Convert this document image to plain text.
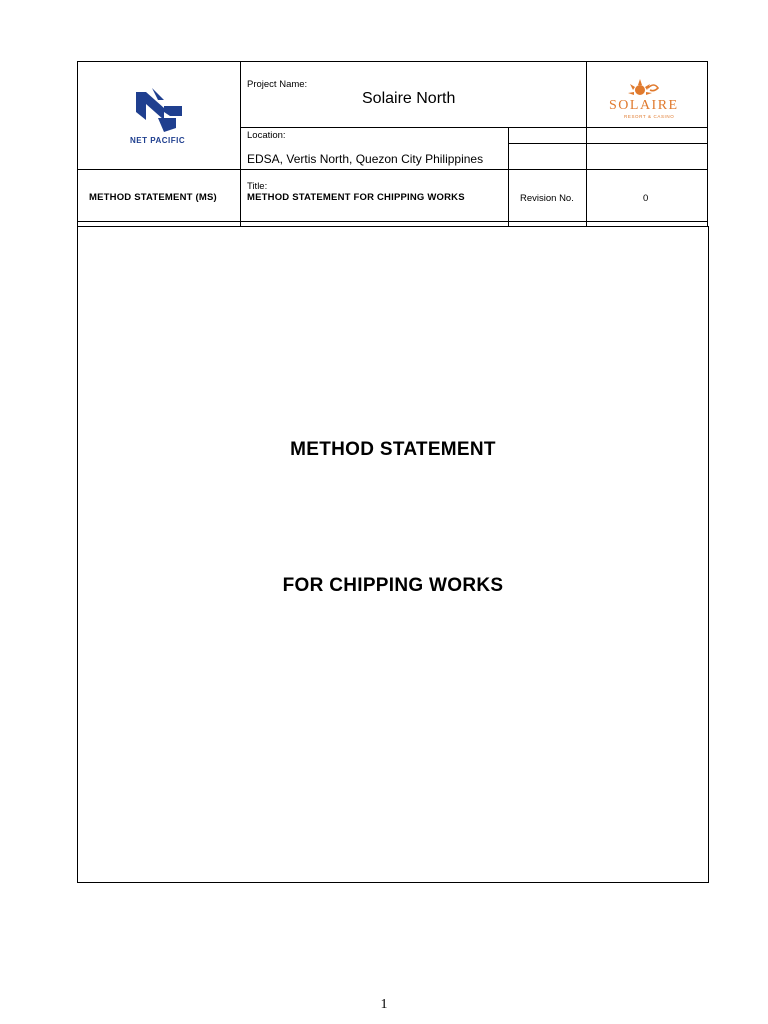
NET PACIFIC
Project Name:
Solaire North	SOLAIRE
RESORT & CASINO
Location:
EDSA, Vertis North, Quezon City Philippines
METHOD STATEMENT (MS)
Title:
METHOD STATEMENT FOR CHIPPING WORKS	Revision No.	0
METHOD STATEMENT
FOR CHIPPING WORKS
1
